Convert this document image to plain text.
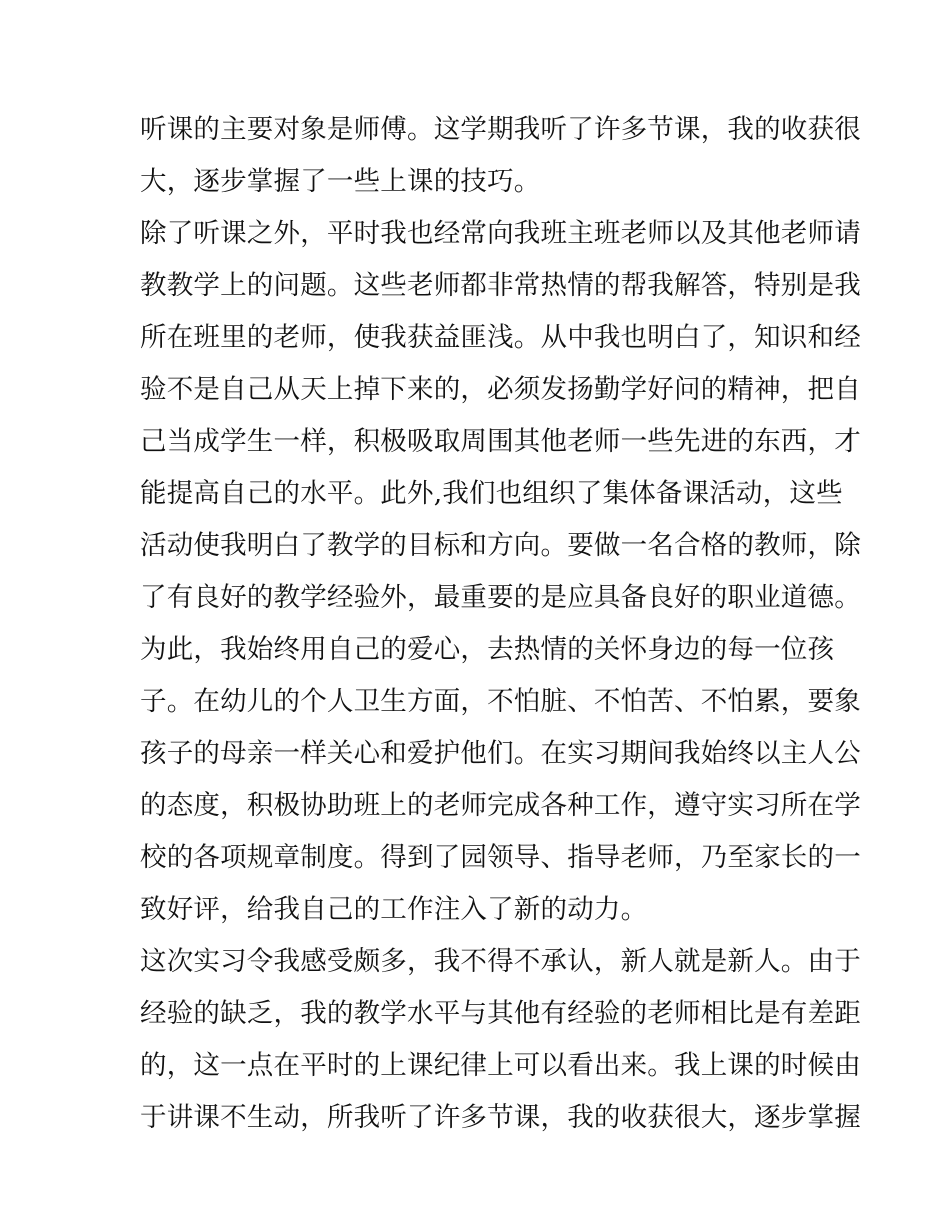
听课的主要对象是师傅。这学期我听了许多节课，我的收获很
大，逐步掌握了一些上课的技巧。
除了听课之外，平时我也经常向我班主班老师以及其他老师请
教教学上的问题。这些老师都非常热情的帮我解答，特别是我
所在班里的老师，使我获益匪浅。从中我也明白了，知识和经
验不是自己从天上掉下来的，必须发扬勤学好问的精神，把自
己当成学生一样，积极吸取周围其他老师一些先进的东西，才
能提高自己的水平。此外,我们也组织了集体备课活动，这些
活动使我明白了教学的目标和方向。要做一名合格的教师，除
了有良好的教学经验外，最重要的是应具备良好的职业道德。
为此，我始终用自己的爱心，去热情的关怀身边的每一位孩
子。在幼儿的个人卫生方面，不怕脏、不怕苦、不怕累，要象
孩子的母亲一样关心和爱护他们。在实习期间我始终以主人公
的态度，积极协助班上的老师完成各种工作，遵守实习所在学
校的各项规章制度。得到了园领导、指导老师，乃至家长的一
致好评，给我自己的工作注入了新的动力。
这次实习令我感受颇多，我不得不承认，新人就是新人。由于
经验的缺乏，我的教学水平与其他有经验的老师相比是有差距
的，这一点在平时的上课纪律上可以看出来。我上课的时候由
于讲课不生动，所我听了许多节课，我的收获很大，逐步掌握
